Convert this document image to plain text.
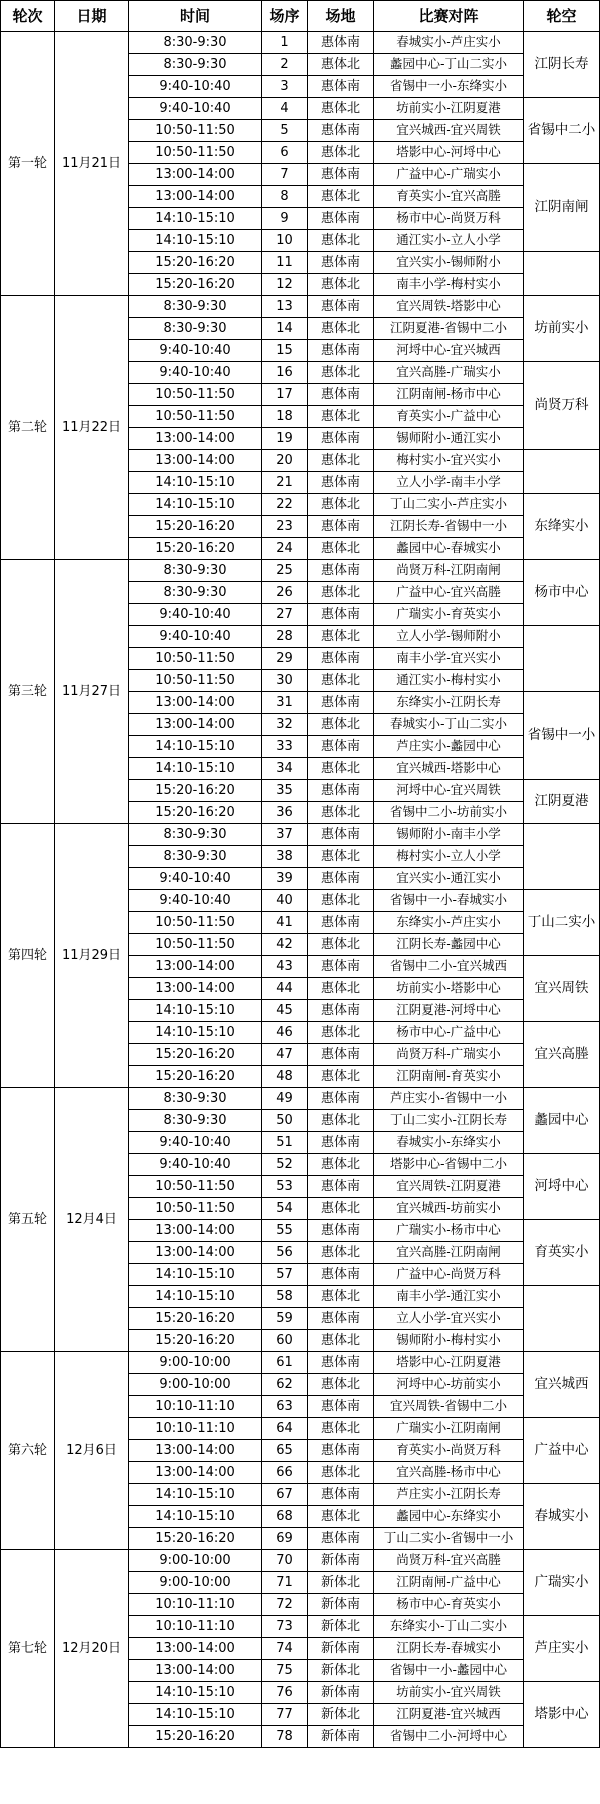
轮次	日期	时间	场序	场地	比赛对阵	轮空
第一轮	11月21日	8:30-9:30	1	惠体南	春城实小-芦庄实小	江阴长寿
		8:30-9:30	2	惠体北	蠡园中心-丁山二实小	
		9:40-10:40	3	惠体南	省锡中一小-东绛实小	
		9:40-10:40	4	惠体北	坊前实小-江阴夏港	省锡中二小
		10:50-11:50	5	惠体南	宜兴城西-宜兴周铁	
		10:50-11:50	6	惠体北	塔影中心-河埒中心	
		13:00-14:00	7	惠体南	广益中心-广瑞实小	江阴南闸
		13:00-14:00	8	惠体北	育英实小-宜兴高塍	
		14:10-15:10	9	惠体南	杨市中心-尚贤万科	
		14:10-15:10	10	惠体北	通江实小-立人小学	
		15:20-16:20	11	惠体南	宜兴实小-锡师附小	
		15:20-16:20	12	惠体北	南丰小学-梅村实小	
第二轮	11月22日	8:30-9:30	13	惠体南	宜兴周铁-塔影中心	坊前实小
		8:30-9:30	14	惠体北	江阴夏港-省锡中二小	
		9:40-10:40	15	惠体南	河埒中心-宜兴城西	
		9:40-10:40	16	惠体北	宜兴高塍-广瑞实小	尚贤万科
		10:50-11:50	17	惠体南	江阴南闸-杨市中心	
		10:50-11:50	18	惠体北	育英实小-广益中心	
		13:00-14:00	19	惠体南	锡师附小-通江实小	
		13:00-14:00	20	惠体北	梅村实小-宜兴实小	
		14:10-15:10	21	惠体南	立人小学-南丰小学	
		14:10-15:10	22	惠体北	丁山二实小-芦庄实小	东绛实小
		15:20-16:20	23	惠体南	江阴长寿-省锡中一小	
		15:20-16:20	24	惠体北	蠡园中心-春城实小	
第三轮	11月27日	8:30-9:30	25	惠体南	尚贤万科-江阴南闸	杨市中心
		8:30-9:30	26	惠体北	广益中心-宜兴高塍	
		9:40-10:40	27	惠体南	广瑞实小-育英实小	
		9:40-10:40	28	惠体北	立人小学-锡师附小	
		10:50-11:50	29	惠体南	南丰小学-宜兴实小	
		10:50-11:50	30	惠体北	通江实小-梅村实小	
		13:00-14:00	31	惠体南	东绛实小-江阴长寿	省锡中一小
		13:00-14:00	32	惠体北	春城实小-丁山二实小	
		14:10-15:10	33	惠体南	芦庄实小-蠡园中心	
		14:10-15:10	34	惠体北	宜兴城西-塔影中心	
		15:20-16:20	35	惠体南	河埒中心-宜兴周铁	江阴夏港
		15:20-16:20	36	惠体北	省锡中二小-坊前实小	
第四轮	11月29日	8:30-9:30	37	惠体南	锡师附小-南丰小学	
		8:30-9:30	38	惠体北	梅村实小-立人小学	
		9:40-10:40	39	惠体南	宜兴实小-通江实小	
		9:40-10:40	40	惠体北	省锡中一小-春城实小	丁山二实小
		10:50-11:50	41	惠体南	东绛实小-芦庄实小	
		10:50-11:50	42	惠体北	江阴长寿-蠡园中心	
		13:00-14:00	43	惠体南	省锡中二小-宜兴城西	宜兴周铁
		13:00-14:00	44	惠体北	坊前实小-塔影中心	
		14:10-15:10	45	惠体南	江阴夏港-河埒中心	
		14:10-15:10	46	惠体北	杨市中心-广益中心	宜兴高塍
		15:20-16:20	47	惠体南	尚贤万科-广瑞实小	
		15:20-16:20	48	惠体北	江阴南闸-育英实小	
第五轮	12月4日	8:30-9:30	49	惠体南	芦庄实小-省锡中一小	蠡园中心
		8:30-9:30	50	惠体北	丁山二实小-江阴长寿	
		9:40-10:40	51	惠体南	春城实小-东绛实小	
		9:40-10:40	52	惠体北	塔影中心-省锡中二小	河埒中心
		10:50-11:50	53	惠体南	宜兴周铁-江阴夏港	
		10:50-11:50	54	惠体北	宜兴城西-坊前实小	
		13:00-14:00	55	惠体南	广瑞实小-杨市中心	育英实小
		13:00-14:00	56	惠体北	宜兴高塍-江阴南闸	
		14:10-15:10	57	惠体南	广益中心-尚贤万科	
		14:10-15:10	58	惠体北	南丰小学-通江实小	
		15:20-16:20	59	惠体南	立人小学-宜兴实小	
		15:20-16:20	60	惠体北	锡师附小-梅村实小	
第六轮	12月6日	9:00-10:00	61	惠体南	塔影中心-江阴夏港	宜兴城西
		9:00-10:00	62	惠体北	河埒中心-坊前实小	
		10:10-11:10	63	惠体南	宜兴周铁-省锡中二小	
		10:10-11:10	64	惠体北	广瑞实小-江阴南闸	广益中心
		13:00-14:00	65	惠体南	育英实小-尚贤万科	
		13:00-14:00	66	惠体北	宜兴高塍-杨市中心	
		14:10-15:10	67	惠体南	芦庄实小-江阴长寿	春城实小
		14:10-15:10	68	惠体北	蠡园中心-东绛实小	
		15:20-16:20	69	惠体南	丁山二实小-省锡中一小	
第七轮	12月20日	9:00-10:00	70	新体南	尚贤万科-宜兴高塍	广瑞实小
		9:00-10:00	71	新体北	江阴南闸-广益中心	
		10:10-11:10	72	新体南	杨市中心-育英实小	
		10:10-11:10	73	新体北	东绛实小-丁山二实小	芦庄实小
		13:00-14:00	74	新体南	江阴长寿-春城实小	
		13:00-14:00	75	新体北	省锡中一小-蠡园中心	
		14:10-15:10	76	新体南	坊前实小-宜兴周铁	塔影中心
		14:10-15:10	77	新体北	江阴夏港-宜兴城西	
		15:20-16:20	78	新体南	省锡中二小-河埒中心	
